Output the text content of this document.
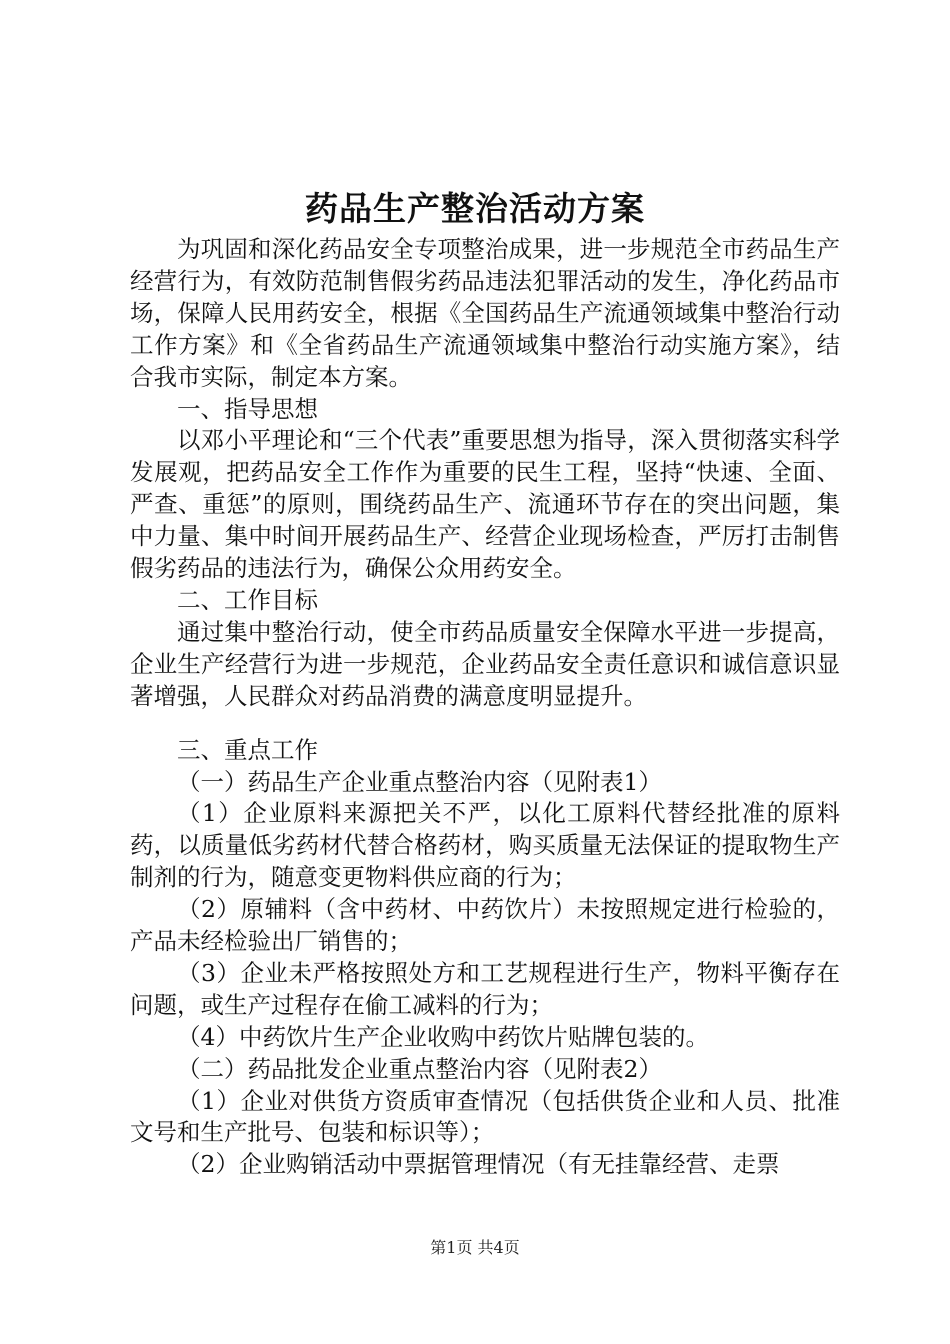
药品生产整治活动方案

为巩固和深化药品安全专项整治成果，进一步规范全市药品生产经营行为，有效防范制售假劣药品违法犯罪活动的发生，净化药品市场，保障人民用药安全，根据《全国药品生产流通领域集中整治行动工作方案》和《全省药品生产流通领域集中整治行动实施方案》，结合我市实际，制定本方案。

一、指导思想

以邓小平理论和“三个代表”重要思想为指导，深入贯彻落实科学发展观，把药品安全工作作为重要的民生工程，坚持“快速、全面、严查、重惩”的原则，围绕药品生产、流通环节存在的突出问题，集中力量、集中时间开展药品生产、经营企业现场检查，严厉打击制售假劣药品的违法行为，确保公众用药安全。

二、工作目标

通过集中整治行动，使全市药品质量安全保障水平进一步提高，企业生产经营行为进一步规范，企业药品安全责任意识和诚信意识显著增强，人民群众对药品消费的满意度明显提升。

三、重点工作

（一）药品生产企业重点整治内容（见附表1）

（1）企业原料来源把关不严，以化工原料代替经批准的原料药，以质量低劣药材代替合格药材，购买质量无法保证的提取物生产制剂的行为，随意变更物料供应商的行为；

（2）原辅料（含中药材、中药饮片）未按照规定进行检验的，产品未经检验出厂销售的；

（3）企业未严格按照处方和工艺规程进行生产，物料平衡存在问题，或生产过程存在偷工减料的行为；

（4）中药饮片生产企业收购中药饮片贴牌包装的。

（二）药品批发企业重点整治内容（见附表2）

（1）企业对供货方资质审查情况（包括供货企业和人员、批准文号和生产批号、包装和标识等）；

（2）企业购销活动中票据管理情况（有无挂靠经营、走票

第1页 共4页
